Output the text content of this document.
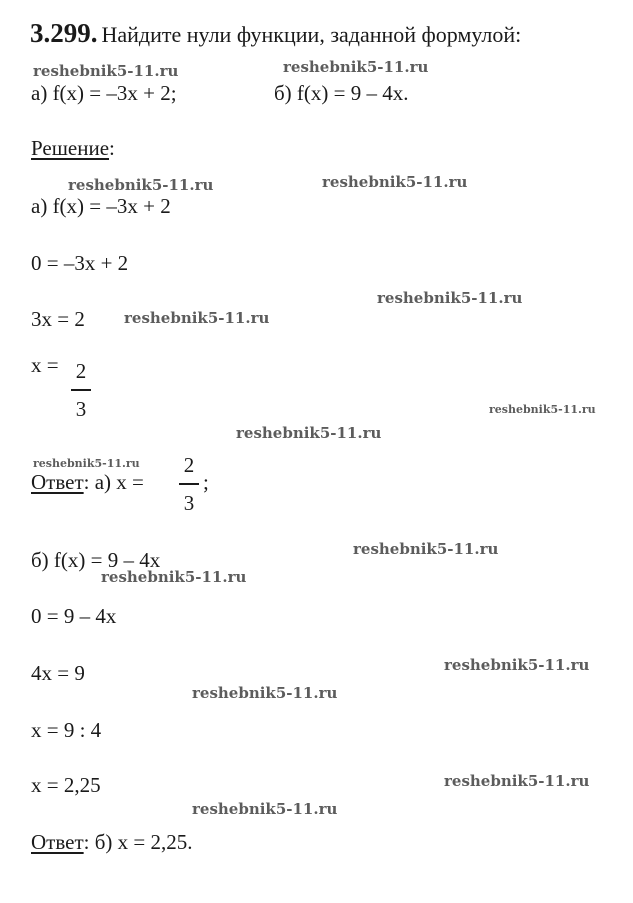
3.299. Найдите нули функции, заданной формулой:
а) f(x) = –3x + 2;	б) f(x) = 9 – 4x.
Решение:
а) f(x) = –3x + 2
0 = –3x + 2
3x = 2
x = 2
3
Ответ: а) x =
2
3
;
б) f(x) = 9 – 4x
0 = 9 – 4x
4x = 9
x = 9 : 4
x = 2,25
Ответ: б) x = 2,25.
reshebnik5-11.ru	reshebnik5-11.ru
reshebnik5-11.ru	reshebnik5-11.ru
reshebnik5-11.ru
reshebnik5-11.ru
reshebnik5-11.ru
reshebnik5-11.ru
reshebnik5-11.ru
reshebnik5-11.ru
reshebnik5-11.ru
reshebnik5-11.ru
reshebnik5-11.ru
reshebnik5-11.ru
reshebnik5-11.ru
